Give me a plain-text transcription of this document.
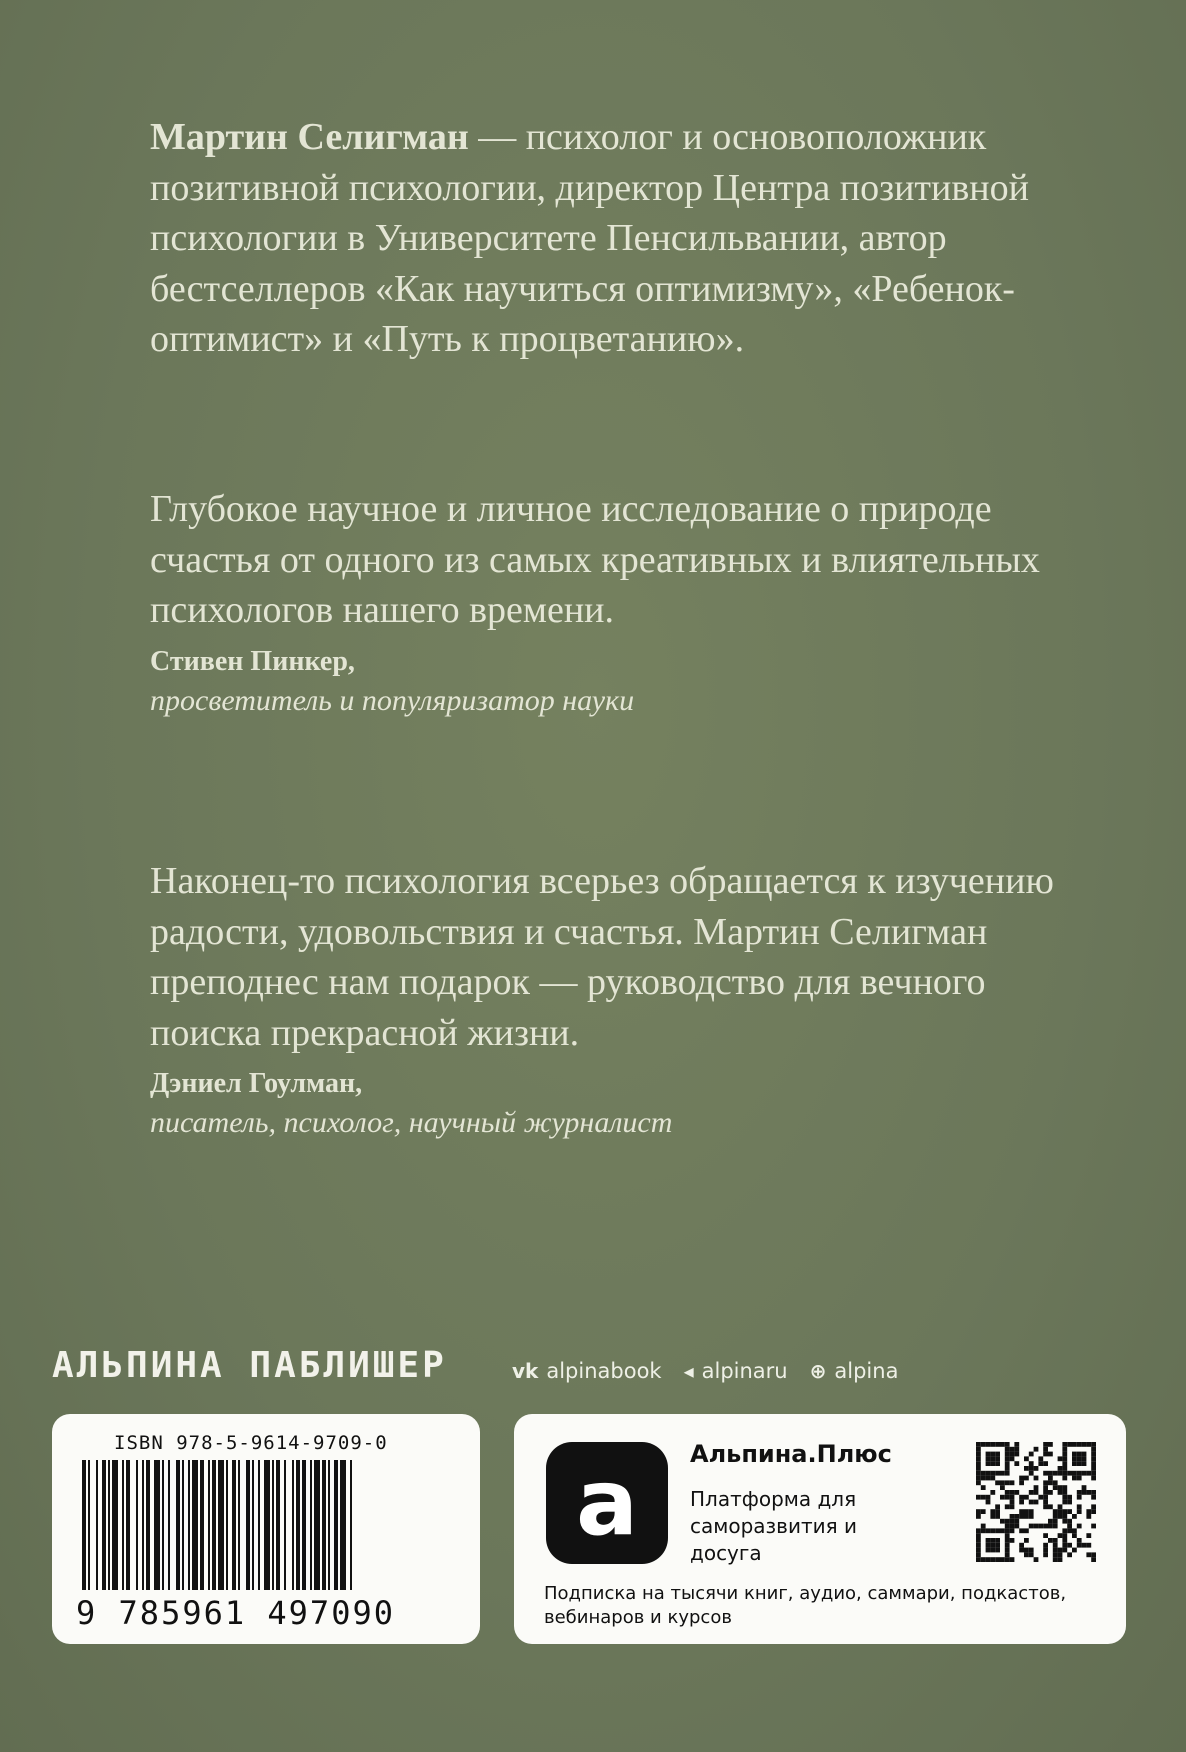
Мартин Селигман — психолог и основоположник позитивной психологии, директор Центра позитивной психологии в Университете Пенсильвании, автор бестселлеров «Как научиться оптимизму», «Ребенок-оптимист» и «Путь к процветанию».

Глубокое научное и личное исследование о природе счастья от одного из самых креативных и влиятельных психологов нашего времени.

Стивен Пинкер,

просветитель и популяризатор науки

Наконец-то психология всерьез обращается к изучению радости, удовольствия и счастья. Мартин Селигман преподнес нам подарок — руководство для вечного поиска прекрасной жизни.

Дэниел Гоулман,

писатель, психолог, научный журналист

АЛЬПИНА ПАБЛИШЕР	vk alpinabook ◂ alpinaru ⊕ alpina
ISBN 978-5-9614-9709-0
9 785961 497090
a	Альпина.Плюс
Платформа для саморазвития и досуга
Подписка на тысячи книг, аудио, саммари, подкастов, вебинаров и курсов
